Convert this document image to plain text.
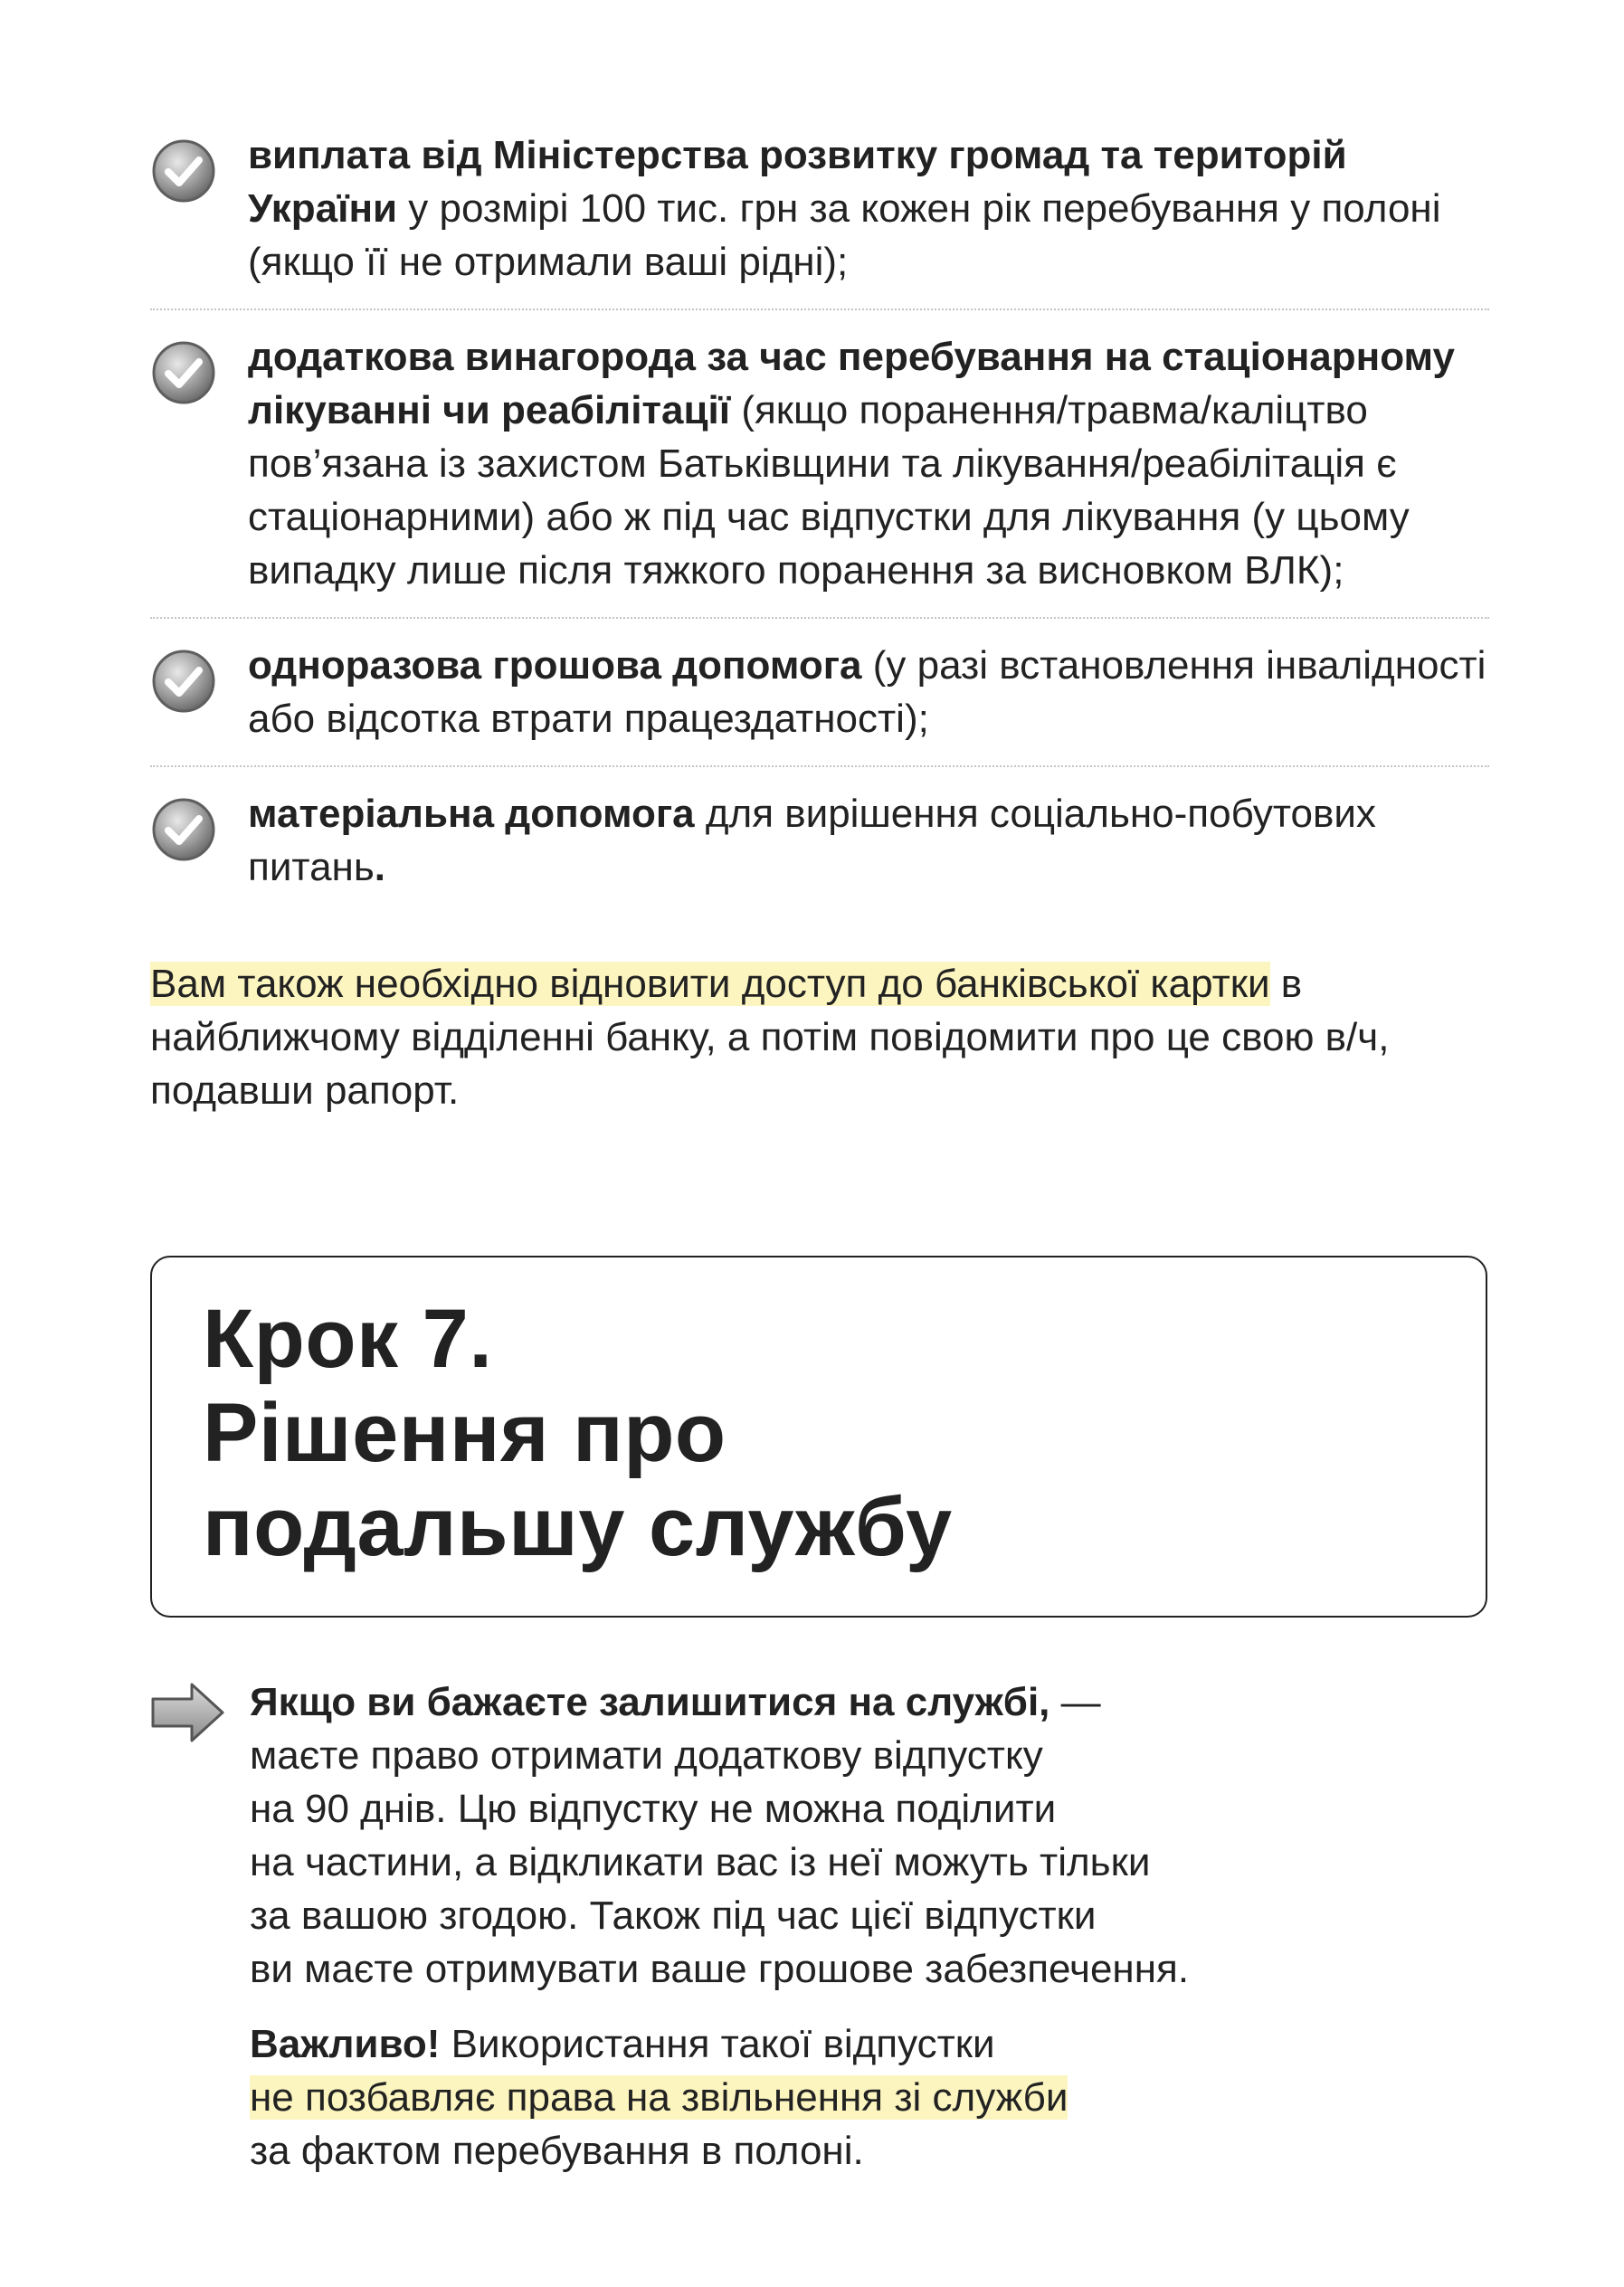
виплата від Міністерства розвитку громад та територій України у розмірі 100 тис. грн за кожен рік перебування у полоні (якщо її не отримали ваші рідні);
додаткова винагорода за час перебування на стаціонарному лікуванні чи реабілітації (якщо поранення/травма/каліцтво пов’язана із захистом Батьківщини та лікування/реабілітація є стаціонарними) або ж під час відпустки для лікування (у цьому випадку лише після тяжкого поранення за висновком ВЛК);
одноразова грошова допомога (у разі встановлення інвалідності або відсотка втрати працездатності);
матеріальна допомога для вирішення соціально-побутових питань.
Вам також необхідно відновити доступ до банківської картки в найближчому відділенні банку, а потім повідомити про це свою в/ч, подавши рапорт.
Крок 7.
Рішення про
подальшу службу
Якщо ви бажаєте залишитися на службі, —
маєте право отримати додаткову відпустку
на 90 днів. Цю відпустку не можна поділити
на частини, а відкликати вас із неї можуть тільки
за вашою згодою. Також під час цієї відпустки
ви маєте отримувати ваше грошове забезпечення.
Важливо! Використання такої відпустки
не позбавляє права на звільнення зі служби
за фактом перебування в полоні.
